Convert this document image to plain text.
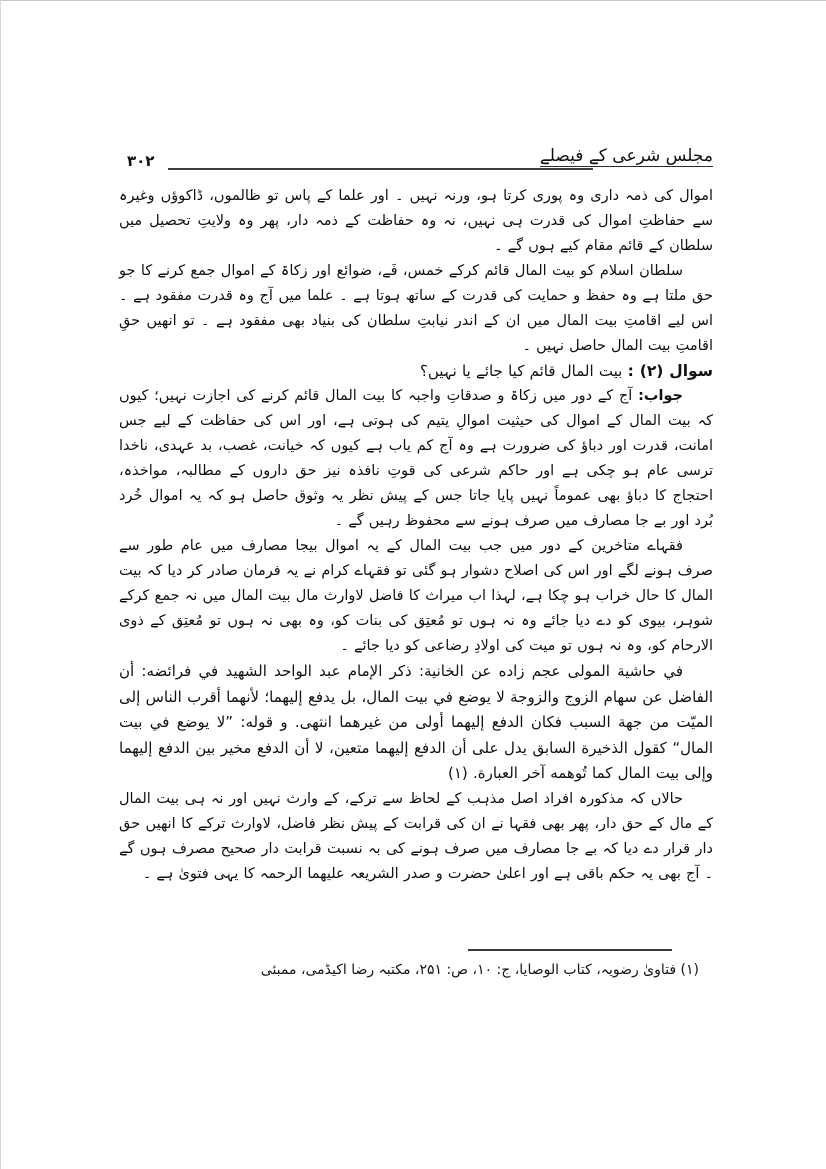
۳۰۲	مجلس شرعی کے فیصلے

اموال کی ذمہ داری وہ پوری کرتا ہو، ورنہ نہیں ۔ اور علما کے پاس تو ظالموں، ڈاکوؤں وغیرہ سے حفاظتِ اموال کی قدرت ہی نہیں، نہ وہ حفاظت کے ذمہ دار، پھر وہ ولایتِ تحصیل میں سلطان کے قائم مقام کیے ہوں گے ۔

سلطان اسلام کو بیت المال قائم کرکے خمس، فَے، ضوائع اور زکاۃ کے اموال جمع کرنے کا جو حق ملتا ہے وہ حفظ و حمایت کی قدرت کے ساتھ ہوتا ہے ۔ علما میں آج وہ قدرت مفقود ہے ۔ اس لیے اقامتِ بیت المال میں ان کے اندر نیابتِ سلطان کی بنیاد بھی مفقود ہے ۔ تو انھیں حقِ اقامتِ بیت المال حاصل نہیں ۔

سوال (۲) : بیت المال قائم کیا جائے یا نہیں؟

جواب: آج کے دور میں زکاۃ و صدقاتِ واجبہ کا بیت المال قائم کرنے کی اجازت نہیں؛ کیوں کہ بیت المال کے اموال کی حیثیت اموالِ یتیم کی ہوتی ہے، اور اس کی حفاظت کے لیے جس امانت، قدرت اور دباؤ کی ضرورت ہے وہ آج کم یاب ہے کیوں کہ خیانت، غصب، بد عہدی، ناخدا ترسی عام ہو چکی ہے اور حاکم شرعی کی قوتِ نافذہ نیز حق داروں کے مطالبہ، مواخذہ، احتجاج کا دباؤ بھی عموماً نہیں پایا جاتا جس کے پیش نظر یہ وثوق حاصل ہو کہ یہ اموال خُرد بُرد اور بے جا مصارف میں صرف ہونے سے محفوظ رہیں گے ۔

فقہاے متاخرین کے دور میں جب بیت المال کے یہ اموال بیجا مصارف میں عام طور سے صرف ہونے لگے اور اس کی اصلاح دشوار ہو گئی تو فقہاے کرام نے یہ فرمان صادر کر دیا کہ بیت المال کا حال خراب ہو چکا ہے، لہذا اب میراث کا فاضل لاوارث مال بیت المال میں نہ جمع کرکے شوہر، بیوی کو دے دیا جائے وہ نہ ہوں تو مُعتِق کی بنات کو، وہ بھی نہ ہوں تو مُعتِق کے ذوی الارحام کو، وہ نہ ہوں تو میت کی اولادِ رضاعی کو دیا جائے ۔

في حاشية المولى عجم زاده عن الخانية: ذكر الإمام عبد الواحد الشهيد في فرائضه: أن الفاضل عن سهام الزوج والزوجة لا يوضع في بيت المال، بل يدفع إليهما؛ لأنهما أقرب الناس إلى الميّت من جهة السبب فكان الدفع إليهما أولى من غيرهما انتهى. و قوله: ”لا يوضع في بيت المال“ كقول الذخيرة السابق يدل على أن الدفع إليهما متعين، لا أن الدفع مخير بين الدفع إليهما وإلى بيت المال كما تُوهمه آخر العبارة. (۱)

حالاں کہ مذکورہ افراد اصل مذہب کے لحاظ سے ترکے، کے وارث نہیں اور نہ ہی بیت المال کے مال کے حق دار، پھر بھی فقہا نے ان کی قرابت کے پیش نظر فاضل، لاوارث ترکے کا انھیں حق دار قرار دے دیا کہ بے جا مصارف میں صرف ہونے کی بہ نسبت قرابت دار صحیح مصرف ہوں گے ۔ آج بھی یہ حکم باقی ہے اور اعلیٰ حضرت و صدر الشریعہ علیھما الرحمہ کا یہی فتویٰ ہے ۔

(۱) فتاویٰ رضویہ، کتاب الوصایا، ج: ۱۰، ص: ۲۵۱، مکتبہ رضا اکیڈمی، ممبئی
